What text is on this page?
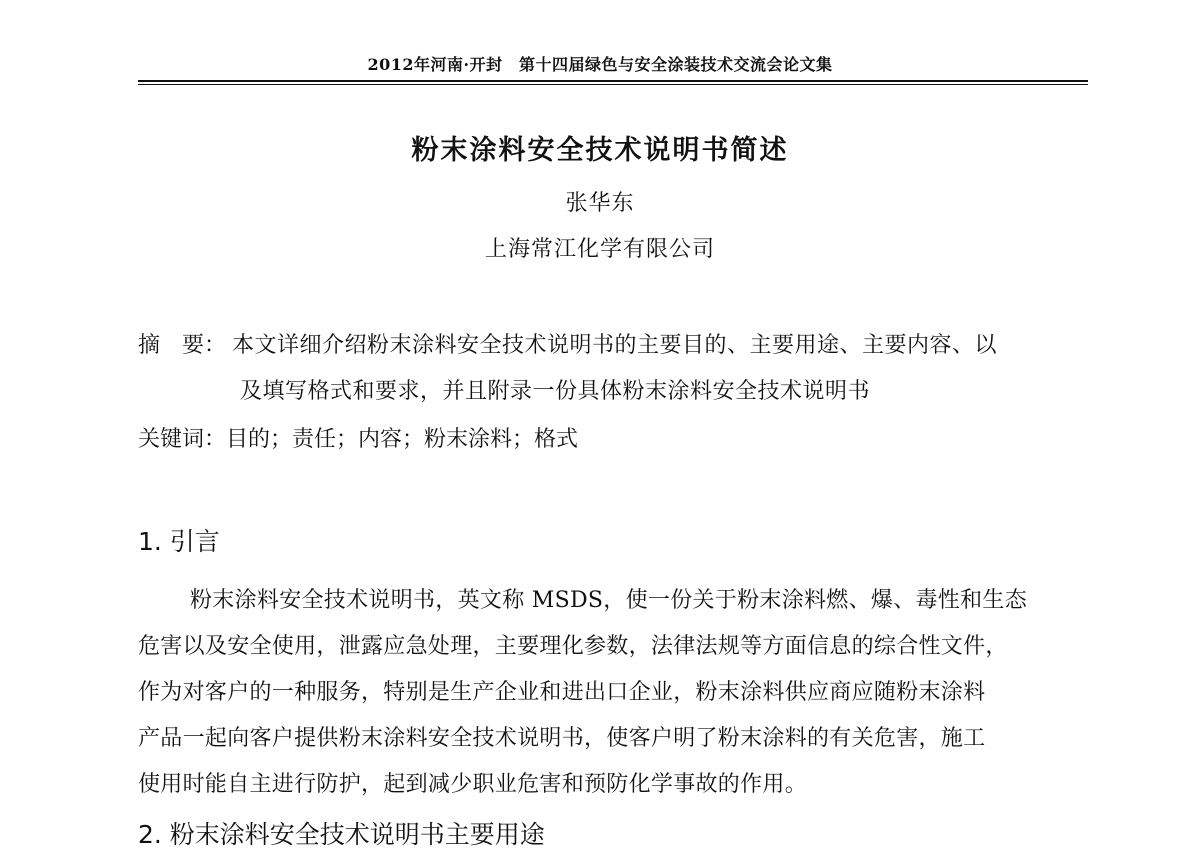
2012年河南·开封　第十四届绿色与安全涂装技术交流会论文集
粉末涂料安全技术说明书简述
张华东
上海常江化学有限公司
摘　要： 本文详细介绍粉末涂料安全技术说明书的主要目的、主要用途、主要内容、以
及填写格式和要求，并且附录一份具体粉末涂料安全技术说明书
关键词：目的；责任；内容；粉末涂料；格式
1. 引言
粉末涂料安全技术说明书，英文称 MSDS，使一份关于粉末涂料燃、爆、毒性和生态
危害以及安全使用，泄露应急处理，主要理化参数，法律法规等方面信息的综合性文件，
作为对客户的一种服务，特别是生产企业和进出口企业，粉末涂料供应商应随粉末涂料
产品一起向客户提供粉末涂料安全技术说明书，使客户明了粉末涂料的有关危害，施工
使用时能自主进行防护，起到减少职业危害和预防化学事故的作用。
2. 粉末涂料安全技术说明书主要用途
